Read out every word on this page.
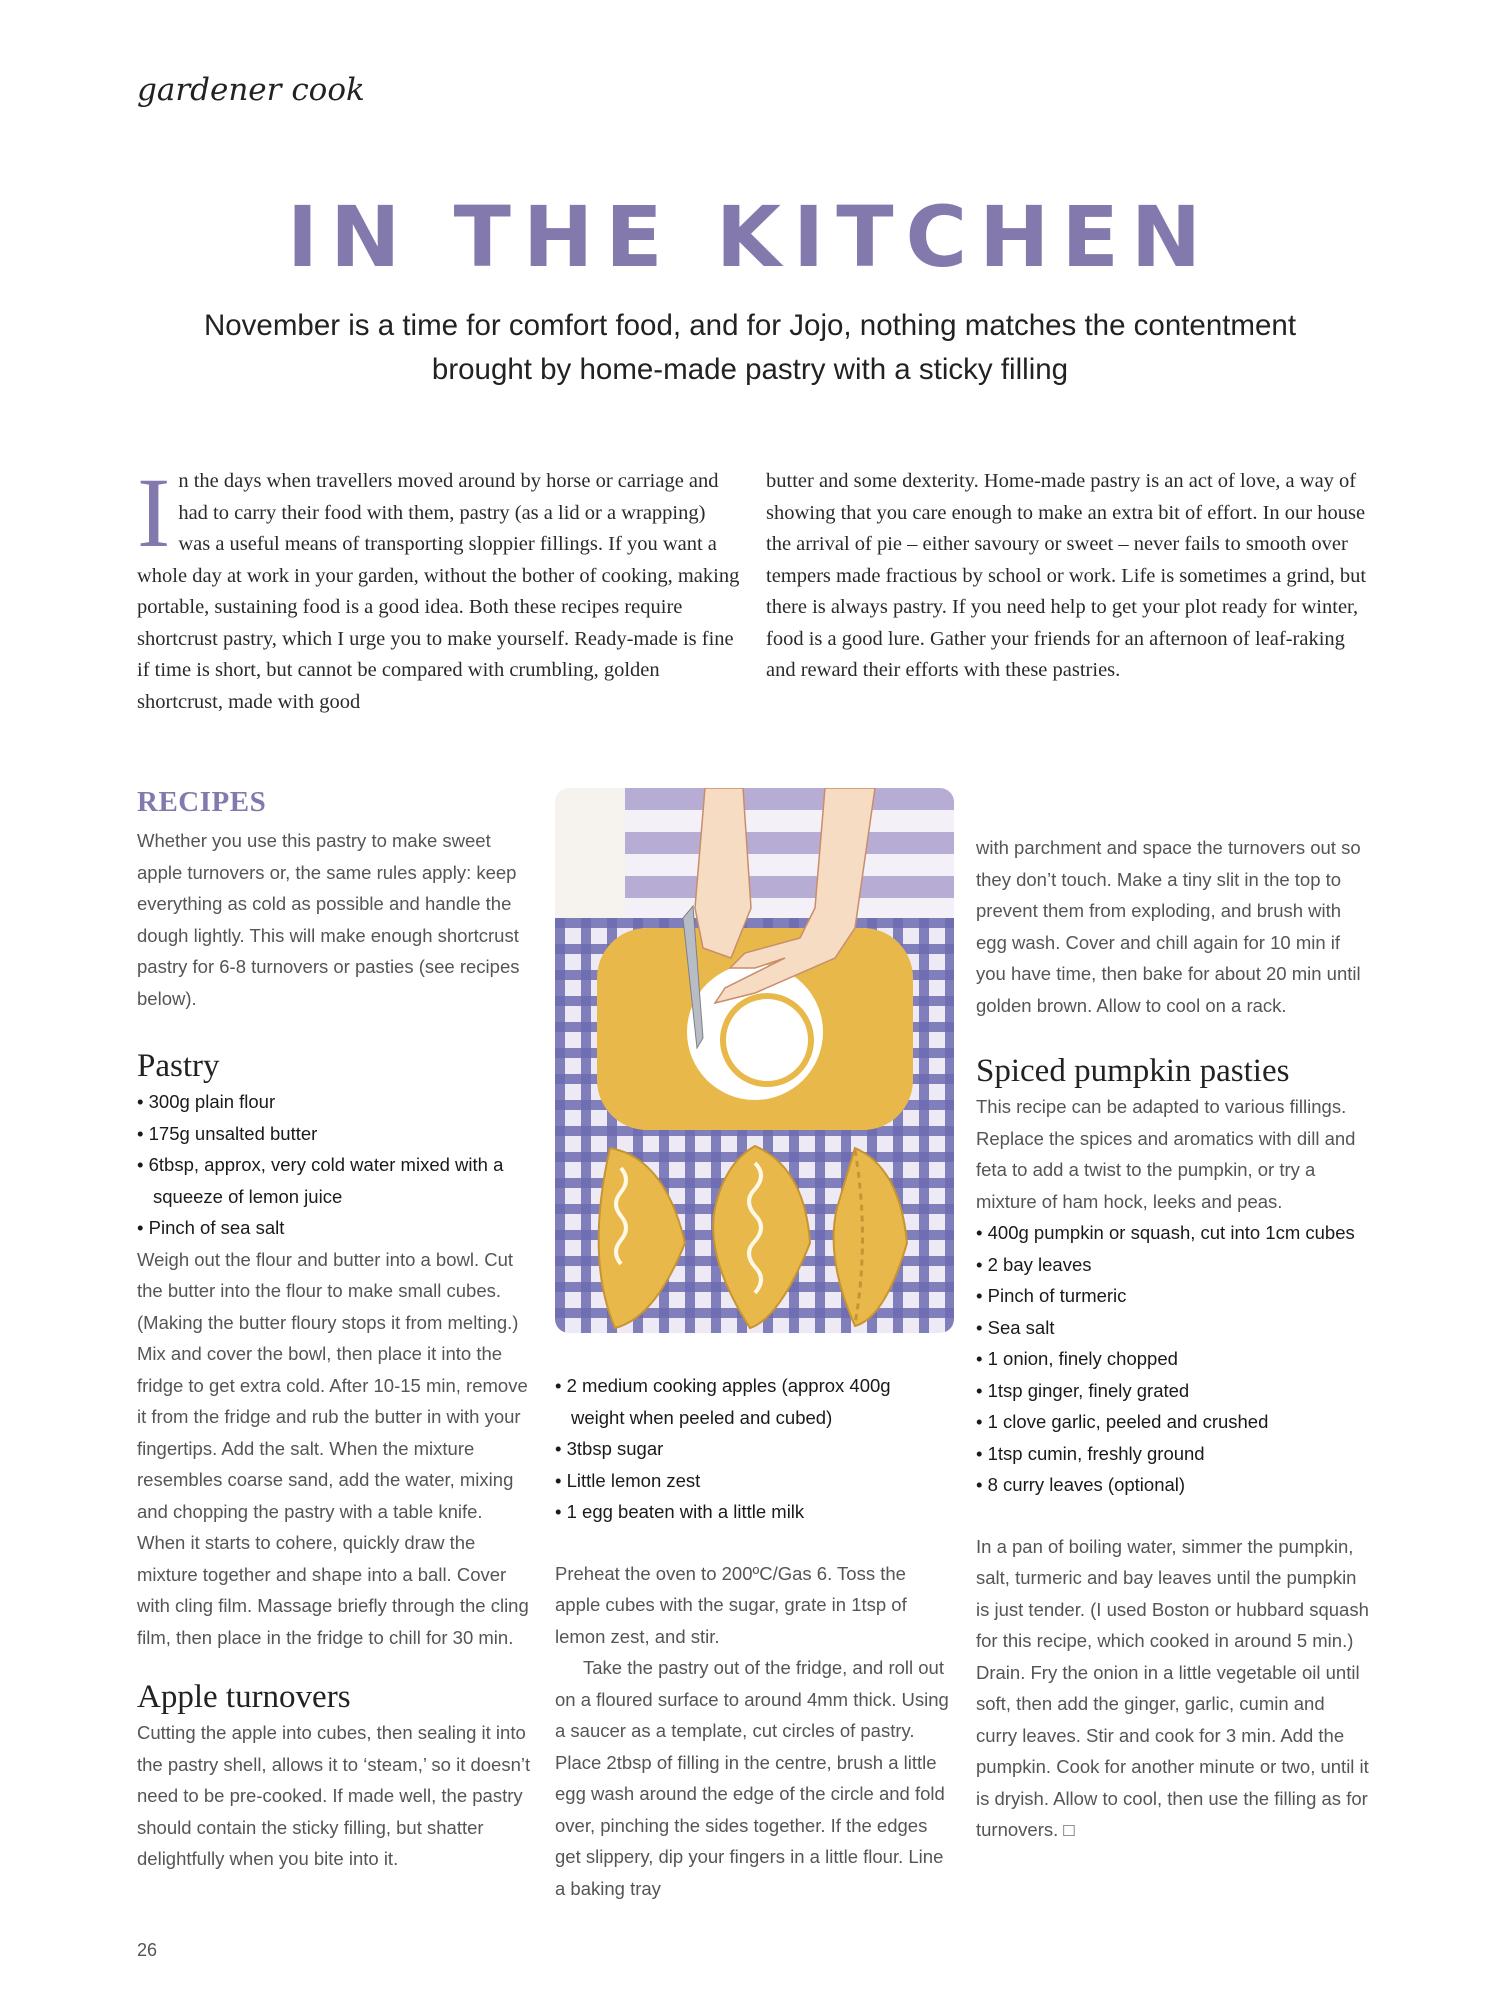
gardener cook
IN THE KITCHEN
November is a time for comfort food, and for Jojo, nothing matches the contentment brought by home-made pastry with a sticky filling
In the days when travellers moved around by horse or carriage and had to carry their food with them, pastry (as a lid or a wrapping) was a useful means of transporting sloppier fillings. If you want a whole day at work in your garden, without the bother of cooking, making portable, sustaining food is a good idea. Both these recipes require shortcrust pastry, which I urge you to make yourself. Ready-made is fine if time is short, but cannot be compared with crumbling, golden shortcrust, made with good
butter and some dexterity. Home-made pastry is an act of love, a way of showing that you care enough to make an extra bit of effort. In our house the arrival of pie – either savoury or sweet – never fails to smooth over tempers made fractious by school or work. Life is sometimes a grind, but there is always pastry. If you need help to get your plot ready for winter, food is a good lure. Gather your friends for an afternoon of leaf-raking and reward their efforts with these pastries.
RECIPES
Whether you use this pastry to make sweet apple turnovers or, the same rules apply: keep everything as cold as possible and handle the dough lightly. This will make enough shortcrust pastry for 6-8 turnovers or pasties (see recipes below).
Pastry
• 300g plain flour
• 175g unsalted butter
• 6tbsp, approx, very cold water mixed with a squeeze of lemon juice
• Pinch of sea salt
Weigh out the flour and butter into a bowl. Cut the butter into the flour to make small cubes. (Making the butter floury stops it from melting.) Mix and cover the bowl, then place it into the fridge to get extra cold. After 10-15 min, remove it from the fridge and rub the butter in with your fingertips. Add the salt. When the mixture resembles coarse sand, add the water, mixing and chopping the pastry with a table knife. When it starts to cohere, quickly draw the mixture together and shape into a ball. Cover with cling film. Massage briefly through the cling film, then place in the fridge to chill for 30 min.
Apple turnovers
Cutting the apple into cubes, then sealing it into the pastry shell, allows it to ‘steam,’ so it doesn’t need to be pre-cooked. If made well, the pastry should contain the sticky filling, but shatter delightfully when you bite into it.
• 2 medium cooking apples (approx 400g weight when peeled and cubed)
• 3tbsp sugar
• Little lemon zest
• 1 egg beaten with a little milk
Preheat the oven to 200ºC/Gas 6. Toss the apple cubes with the sugar, grate in 1tsp of lemon zest, and stir.
Take the pastry out of the fridge, and roll out on a floured surface to around 4mm thick. Using a saucer as a template, cut circles of pastry. Place 2tbsp of filling in the centre, brush a little egg wash around the edge of the circle and fold over, pinching the sides together. If the edges get slippery, dip your fingers in a little flour. Line a baking tray
with parchment and space the turnovers out so they don’t touch. Make a tiny slit in the top to prevent them from exploding, and brush with egg wash. Cover and chill again for 10 min if you have time, then bake for about 20 min until golden brown. Allow to cool on a rack.
Spiced pumpkin pasties
This recipe can be adapted to various fillings. Replace the spices and aromatics with dill and feta to add a twist to the pumpkin, or try a mixture of ham hock, leeks and peas.
• 400g pumpkin or squash, cut into 1cm cubes
• 2 bay leaves
• Pinch of turmeric
• Sea salt
• 1 onion, finely chopped
• 1tsp ginger, finely grated
• 1 clove garlic, peeled and crushed
• 1tsp cumin, freshly ground
• 8 curry leaves (optional)
In a pan of boiling water, simmer the pumpkin, salt, turmeric and bay leaves until the pumpkin is just tender. (I used Boston or hubbard squash for this recipe, which cooked in around 5 min.) Drain. Fry the onion in a little vegetable oil until soft, then add the ginger, garlic, cumin and curry leaves. Stir and cook for 3 min. Add the pumpkin. Cook for another minute or two, until it is dryish. Allow to cool, then use the filling as for turnovers. □
26
